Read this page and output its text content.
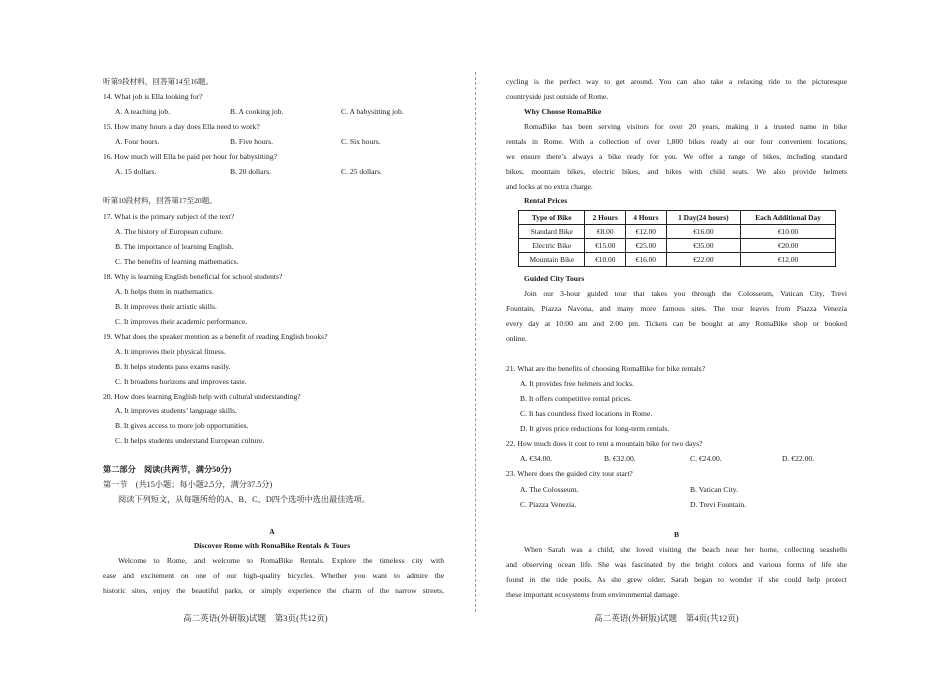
听第9段材料，回答第14至16题。
14. What job is Ella looking for?
A. A teaching job.	B. A cooking job.	C. A babysitting job.
15. How many hours a day does Ella need to work?
A. Four hours.	B. Five hours.	C. Six hours.
16. How much will Ella be paid per hour for babysitting?
A. 15 dollars.	B. 20 dollars.	C. 25 dollars.
听第10段材料，回答第17至20题。
17. What is the primary subject of the text?
A. The history of European culture.
B. The importance of learning English.
C. The benefits of learning mathematics.
18. Why is learning English beneficial for school students?
A. It helps them in mathematics.
B. It improves their artistic skills.
C. It improves their academic performance.
19. What does the speaker mention as a benefit of reading English books?
A. It improves their physical fitness.
B. It helps students pass exams easily.
C. It broadens horizons and improves taste.
20. How does learning English help with cultural understanding?
A. It improves students’ language skills.
B. It gives access to more job opportunities.
C. It helps students understand European culture.
第二部分　阅读(共两节，满分50分)
第一节　(共15小题；每小题2.5分，满分37.5分)
阅读下列短文，从每题所给的A、B、C、D四个选项中选出最佳选项。
A
Discover Rome with RomaBike Rentals & Tours
Welcome to Rome, and welcome to RomaBike Rentals. Explore the timeless city with
ease and excitement on one of our high-quality bicycles. Whether you want to admire the
historic sites, enjoy the beautiful parks, or simply experience the charm of the narrow streets,
高二英语(外研版)试题　第3页(共12页)
cycling is the perfect way to get around. You can also take a relaxing ride to the picturesque
countryside just outside of Rome.
Why Choose RomaBike
RomaBike has been serving visitors for over 20 years, making it a trusted name in bike
rentals in Rome. With a collection of over 1,800 bikes ready at our four convenient locations,
we ensure there’s always a bike ready for you. We offer a range of bikes, including standard
bikes, mountain bikes, electric bikes, and bikes with child seats. We also provide helmets
and locks at no extra charge.
Rental Prices
Type of Bike	2 Hours	4 Hours	1 Day(24 hours)	Each Additional Day
Standard Bike	€8.00	€12.00	€16.00	€10.00
Electric Bike	€15.00	€25.00	€35.00	€20.00
Mountain Bike	€10.00	€16.00	€22.00	€12.00
Guided City Tours
Join our 3-hour guided tour that takes you through the Colosseum, Vatican City, Trevi
Fountain, Piazza Navona, and many more famous sites. The tour leaves from Piazza Venezia
every day at 10:00 am and 2:00 pm. Tickets can be bought at any RomaBike shop or booked
online.
21. What are the benefits of choosing RomaBike for bike rentals?
A. It provides free helmets and locks.
B. It offers competitive rental prices.
C. It has countless fixed locations in Rome.
D. It gives price reductions for long-term rentals.
22. How much does it cost to rent a mountain bike for two days?
A. €34.00.	B. €32.00.	C. €24.00.	D. €22.00.
23. Where does the guided city tour start?
A. The Colosseum.	B. Vatican City.
C. Piazza Venezia.	D. Trevi Fountain.
B
When Sarah was a child, she loved visiting the beach near her home, collecting seashells
and observing ocean life. She was fascinated by the bright colors and various forms of life she
found in the tide pools. As she grew older, Sarah began to wonder if she could help protect
these important ecosystems from environmental damage.
高二英语(外研版)试题　第4页(共12页)
